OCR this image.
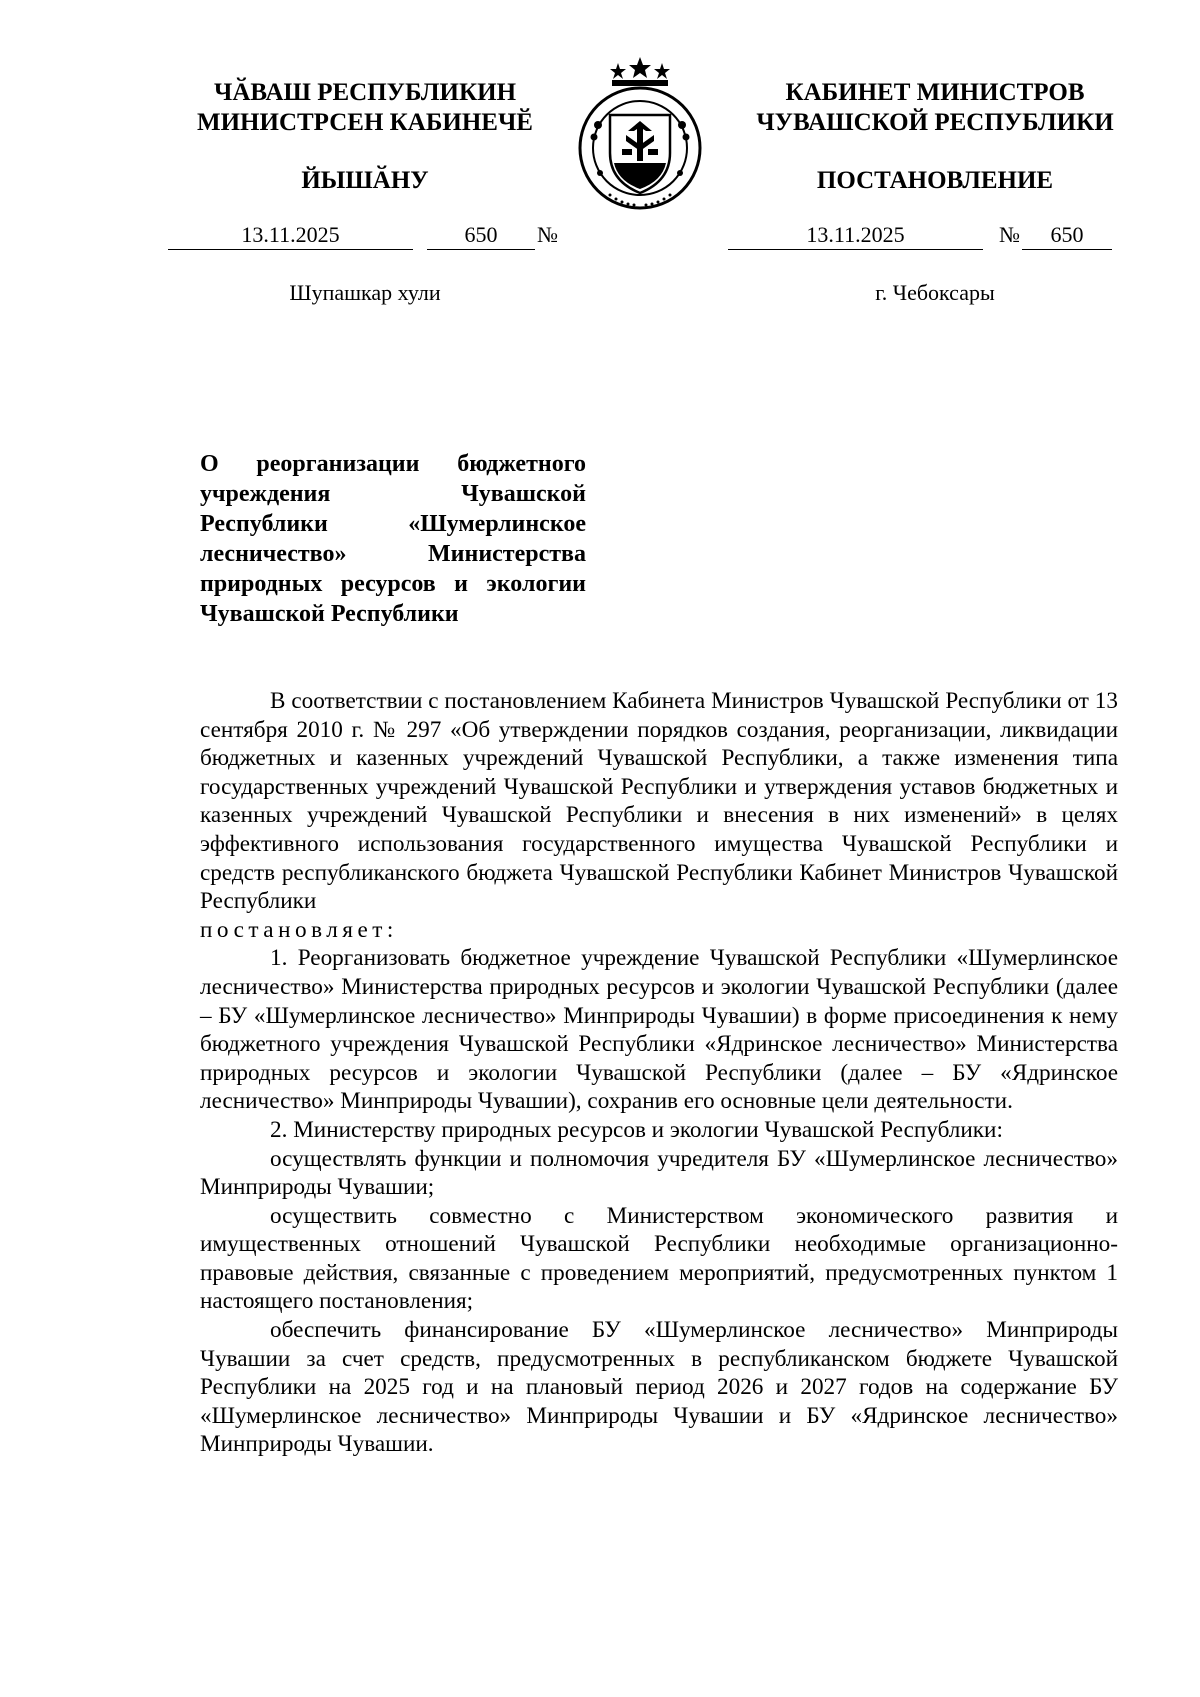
ЧӐВАШ РЕСПУБЛИКИН
МИНИСТРСЕН КАБИНЕЧӖ
ЙЫШӐНУ
КАБИНЕТ МИНИСТРОВ
ЧУВАШСКОЙ РЕСПУБЛИКИ
ПОСТАНОВЛЕНИЕ
13.11.2025	650 №	13.11.2025	№ 650
Шупашкар хули	г. Чебоксары
О реорганизации бюджетного учреждения Чувашской Республики «Шумерлинское лесничество» Министерства природных ресурсов и экологии Чувашской Республики

В соответствии с постановлением Кабинета Министров Чувашской Республики от 13 сентября 2010 г. № 297 «Об утверждении порядков создания, реорганизации, ликвидации бюджетных и казенных учреждений Чувашской Республики, а также изменения типа государственных учреждений Чувашской Республики и утверждения уставов бюджетных и казенных учреждений Чувашской Республики и внесения в них изменений» в целях эффективного использования государственного имущества Чувашской Республики и средств республиканского бюджета Чувашской Республики Кабинет Министров Чувашской Республики

постановляет:

1. Реорганизовать бюджетное учреждение Чувашской Республики «Шумерлинское лесничество» Министерства природных ресурсов и экологии Чувашской Республики (далее – БУ «Шумерлинское лесничество» Минприроды Чувашии) в форме присоединения к нему бюджетного учреждения Чувашской Республики «Ядринское лесничество» Министерства природных ресурсов и экологии Чувашской Республики (далее – БУ «Ядринское лесничество» Минприроды Чувашии), сохранив его основные цели деятельности.

2. Министерству природных ресурсов и экологии Чувашской Республики:

осуществлять функции и полномочия учредителя БУ «Шумерлинское лесничество» Минприроды Чувашии;

осуществить совместно с Министерством экономического развития и имущественных отношений Чувашской Республики необходимые организационно-правовые действия, связанные с проведением мероприятий, предусмотренных пунктом 1 настоящего постановления;

обеспечить финансирование БУ «Шумерлинское лесничество» Минприроды Чувашии за счет средств, предусмотренных в республиканском бюджете Чувашской Республики на 2025 год и на плановый период 2026 и 2027 годов на содержание БУ «Шумерлинское лесничество» Минприроды Чувашии и БУ «Ядринское лесничество» Минприроды Чувашии.
